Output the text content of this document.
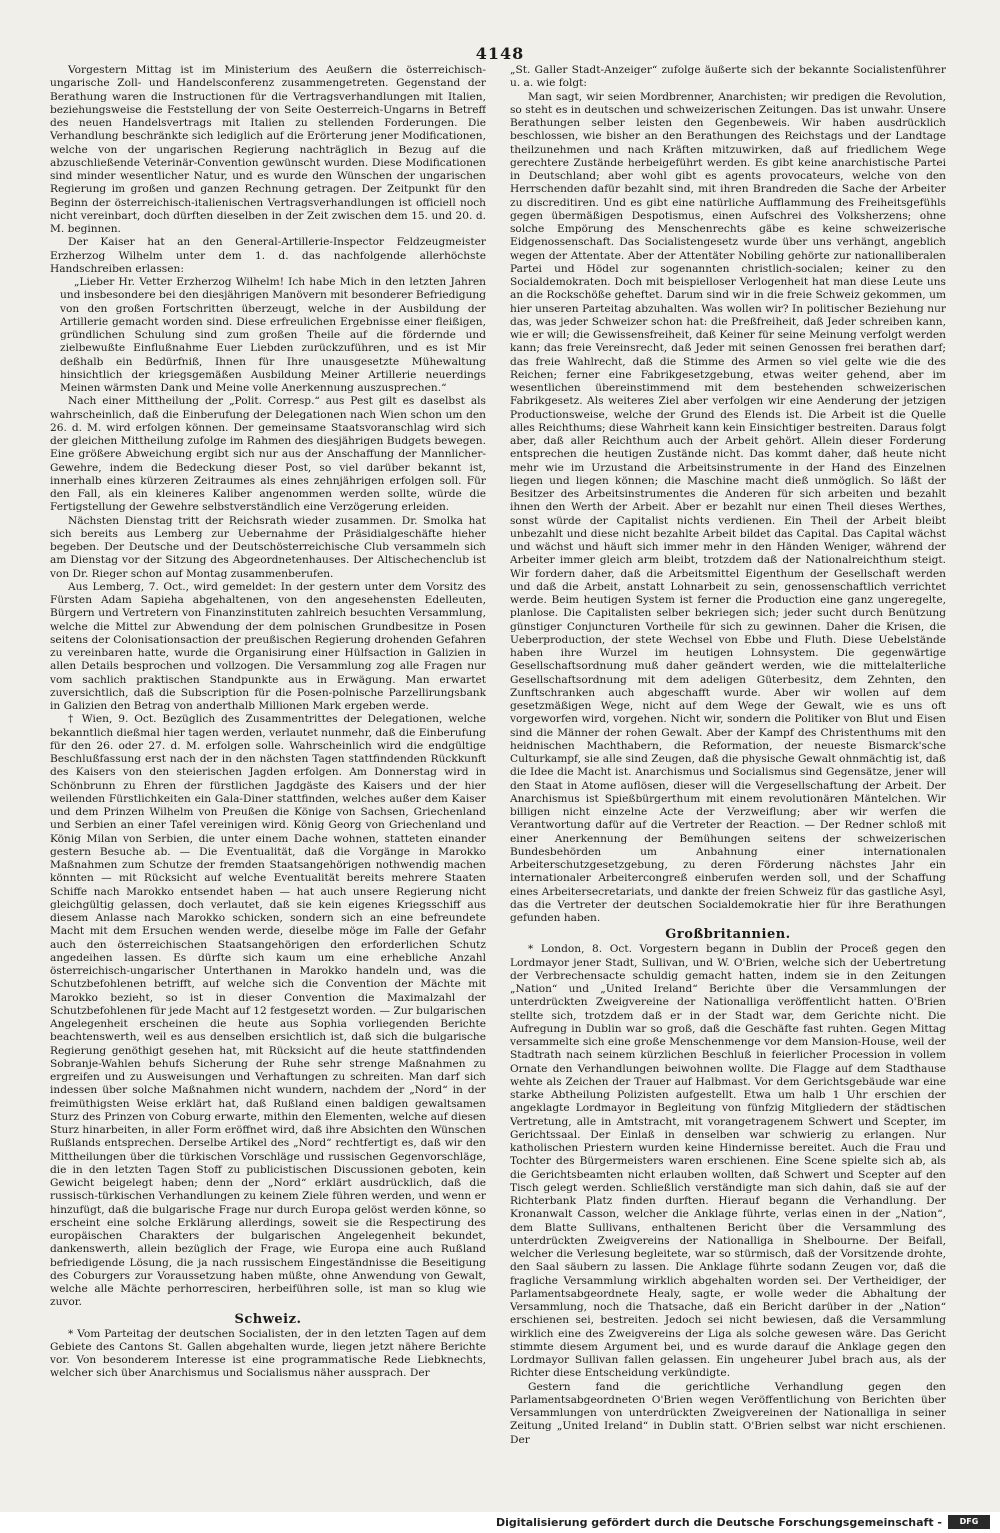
4148

Vorgestern Mittag ist im Ministerium des Aeußern die österreichisch-ungarische Zoll- und Handelsconferenz zusammengetreten. Gegenstand der Berathung waren die Instructionen für die Vertragsverhandlungen mit Italien, beziehungsweise die Feststellung der von Seite Oesterreich-Ungarns in Betreff des neuen Handelsvertrags mit Italien zu stellenden Forderungen. Die Verhandlung beschränkte sich lediglich auf die Erörterung jener Modificationen, welche von der ungarischen Regierung nachträglich in Bezug auf die abzuschließende Veterinär-Convention gewünscht wurden. Diese Modificationen sind minder wesentlicher Natur, und es wurde den Wünschen der ungarischen Regierung im großen und ganzen Rechnung getragen. Der Zeitpunkt für den Beginn der österreichisch-italienischen Vertragsverhandlungen ist officiell noch nicht vereinbart, doch dürften dieselben in der Zeit zwischen dem 15. und 20. d. M. beginnen.

Der Kaiser hat an den General-Artillerie-Inspector Feldzeugmeister Erzherzog Wilhelm unter dem 1. d. das nachfolgende allerhöchste Handschreiben erlassen:

„Lieber Hr. Vetter Erzherzog Wilhelm! Ich habe Mich in den letzten Jahren und insbesondere bei den diesjährigen Manövern mit besonderer Befriedigung von den großen Fortschritten überzeugt, welche in der Ausbildung der Artillerie gemacht worden sind. Diese erfreulichen Ergebnisse einer fleißigen, gründlichen Schulung sind zum großen Theile auf die fördernde und zielbewußte Einflußnahme Euer Liebden zurückzuführen, und es ist Mir deßhalb ein Bedürfniß, Ihnen für Ihre unausgesetzte Mühewaltung hinsichtlich der kriegsgemäßen Ausbildung Meiner Artillerie neuerdings Meinen wärmsten Dank und Meine volle Anerkennung auszusprechen.“

Nach einer Mittheilung der „Polit. Corresp.“ aus Pest gilt es daselbst als wahrscheinlich, daß die Einberufung der Delegationen nach Wien schon um den 26. d. M. wird erfolgen können. Der gemeinsame Staatsvoranschlag wird sich der gleichen Mittheilung zufolge im Rahmen des diesjährigen Budgets bewegen. Eine größere Abweichung ergibt sich nur aus der Anschaffung der Mannlicher-Gewehre, indem die Bedeckung dieser Post, so viel darüber bekannt ist, innerhalb eines kürzeren Zeitraumes als eines zehnjährigen erfolgen soll. Für den Fall, als ein kleineres Kaliber angenommen werden sollte, würde die Fertigstellung der Gewehre selbstverständlich eine Verzögerung erleiden.

Nächsten Dienstag tritt der Reichsrath wieder zusammen. Dr. Smolka hat sich bereits aus Lemberg zur Uebernahme der Präsidialgeschäfte hieher begeben. Der Deutsche und der Deutschösterreichische Club versammeln sich am Dienstag vor der Sitzung des Abgeordnetenhauses. Der Altischechenclub ist von Dr. Rieger schon auf Montag zusammenberufen.

Aus Lemberg, 7. Oct., wird gemeldet: In der gestern unter dem Vorsitz des Fürsten Adam Sapieha abgehaltenen, von den angesehensten Edelleuten, Bürgern und Vertretern von Finanzinstituten zahlreich besuchten Versammlung, welche die Mittel zur Abwendung der dem polnischen Grundbesitze in Posen seitens der Colonisationsaction der preußischen Regierung drohenden Gefahren zu vereinbaren hatte, wurde die Organisirung einer Hülfsaction in Galizien in allen Details besprochen und vollzogen. Die Versammlung zog alle Fragen nur vom sachlich praktischen Standpunkte aus in Erwägung. Man erwartet zuversichtlich, daß die Subscription für die Posen-polnische Parzellirungsbank in Galizien den Betrag von anderthalb Millionen Mark ergeben werde.

† Wien, 9. Oct. Bezüglich des Zusammentrittes der Delegationen, welche bekanntlich dießmal hier tagen werden, verlautet nunmehr, daß die Einberufung für den 26. oder 27. d. M. erfolgen solle. Wahrscheinlich wird die endgültige Beschlußfassung erst nach der in den nächsten Tagen stattfindenden Rückkunft des Kaisers von den steierischen Jagden erfolgen. Am Donnerstag wird in Schönbrunn zu Ehren der fürstlichen Jagdgäste des Kaisers und der hier weilenden Fürstlichkeiten ein Gala-Diner stattfinden, welches außer dem Kaiser und dem Prinzen Wilhelm von Preußen die Könige von Sachsen, Griechenland und Serbien an einer Tafel vereinigen wird. König Georg von Griechenland und König Milan von Serbien, die unter einem Dache wohnen, statteten einander gestern Besuche ab. — Die Eventualität, daß die Vorgänge in Marokko Maßnahmen zum Schutze der fremden Staatsangehörigen nothwendig machen könnten — mit Rücksicht auf welche Eventualität bereits mehrere Staaten Schiffe nach Marokko entsendet haben — hat auch unsere Regierung nicht gleichgültig gelassen, doch verlautet, daß sie kein eigenes Kriegsschiff aus diesem Anlasse nach Marokko schicken, sondern sich an eine befreundete Macht mit dem Ersuchen wenden werde, dieselbe möge im Falle der Gefahr auch den österreichischen Staatsangehörigen den erforderlichen Schutz angedeihen lassen. Es dürfte sich kaum um eine erhebliche Anzahl österreichisch-ungarischer Unterthanen in Marokko handeln und, was die Schutzbefohlenen betrifft, auf welche sich die Convention der Mächte mit Marokko bezieht, so ist in dieser Convention die Maximalzahl der Schutzbefohlenen für jede Macht auf 12 festgesetzt worden. — Zur bulgarischen Angelegenheit erscheinen die heute aus Sophia vorliegenden Berichte beachtenswerth, weil es aus denselben ersichtlich ist, daß sich die bulgarische Regierung genöthigt gesehen hat, mit Rücksicht auf die heute stattfindenden Sobranje-Wahlen behufs Sicherung der Ruhe sehr strenge Maßnahmen zu ergreifen und zu Ausweisungen und Verhaftungen zu schreiten. Man darf sich indessen über solche Maßnahmen nicht wundern, nachdem der „Nord“ in der freimüthigsten Weise erklärt hat, daß Rußland einen baldigen gewaltsamen Sturz des Prinzen von Coburg erwarte, mithin den Elementen, welche auf diesen Sturz hinarbeiten, in aller Form eröffnet wird, daß ihre Absichten den Wünschen Rußlands entsprechen. Derselbe Artikel des „Nord“ rechtfertigt es, daß wir den Mittheilungen über die türkischen Vorschläge und russischen Gegenvorschläge, die in den letzten Tagen Stoff zu publicistischen Discussionen geboten, kein Gewicht beigelegt haben; denn der „Nord“ erklärt ausdrücklich, daß die russisch-türkischen Verhandlungen zu keinem Ziele führen werden, und wenn er hinzufügt, daß die bulgarische Frage nur durch Europa gelöst werden könne, so erscheint eine solche Erklärung allerdings, soweit sie die Respectirung des europäischen Charakters der bulgarischen Angelegenheit bekundet, dankenswerth, allein bezüglich der Frage, wie Europa eine auch Rußland befriedigende Lösung, die ja nach russischem Eingeständnisse die Beseitigung des Coburgers zur Voraussetzung haben müßte, ohne Anwendung von Gewalt, welche alle Mächte perhorresciren, herbeiführen solle, ist man so klug wie zuvor.

Schweiz.

* Vom Parteitag der deutschen Socialisten, der in den letzten Tagen auf dem Gebiete des Cantons St. Gallen abgehalten wurde, liegen jetzt nähere Berichte vor. Von besonderem Interesse ist eine programmatische Rede Liebknechts, welcher sich über Anarchismus und Socialismus näher aussprach. Der

„St. Galler Stadt-Anzeiger“ zufolge äußerte sich der bekannte Socialistenführer u. a. wie folgt:

Man sagt, wir seien Mordbrenner, Anarchisten; wir predigen die Revolution, so steht es in deutschen und schweizerischen Zeitungen. Das ist unwahr. Unsere Berathungen selber leisten den Gegenbeweis. Wir haben ausdrücklich beschlossen, wie bisher an den Berathungen des Reichstags und der Landtage theilzunehmen und nach Kräften mitzuwirken, daß auf friedlichem Wege gerechtere Zustände herbeigeführt werden. Es gibt keine anarchistische Partei in Deutschland; aber wohl gibt es agents provocateurs, welche von den Herrschenden dafür bezahlt sind, mit ihren Brandreden die Sache der Arbeiter zu discreditiren. Und es gibt eine natürliche Aufflammung des Freiheitsgefühls gegen übermäßigen Despotismus, einen Aufschrei des Volksherzens; ohne solche Empörung des Menschenrechts gäbe es keine schweizerische Eidgenossenschaft. Das Socialistengesetz wurde über uns verhängt, angeblich wegen der Attentate. Aber der Attentäter Nobiling gehörte zur nationalliberalen Partei und Hödel zur sogenannten christlich-socialen; keiner zu den Socialdemokraten. Doch mit beispielloser Verlogenheit hat man diese Leute uns an die Rockschöße geheftet. Darum sind wir in die freie Schweiz gekommen, um hier unseren Parteitag abzuhalten. Was wollen wir? In politischer Beziehung nur das, was jeder Schweizer schon hat: die Preßfreiheit, daß Jeder schreiben kann, wie er will; die Gewissensfreiheit, daß Keiner für seine Meinung verfolgt werden kann; das freie Vereinsrecht, daß Jeder mit seinen Genossen frei berathen darf; das freie Wahlrecht, daß die Stimme des Armen so viel gelte wie die des Reichen; ferner eine Fabrikgesetzgebung, etwas weiter gehend, aber im wesentlichen übereinstimmend mit dem bestehenden schweizerischen Fabrikgesetz. Als weiteres Ziel aber verfolgen wir eine Aenderung der jetzigen Productionsweise, welche der Grund des Elends ist. Die Arbeit ist die Quelle alles Reichthums; diese Wahrheit kann kein Einsichtiger bestreiten. Daraus folgt aber, daß aller Reichthum auch der Arbeit gehört. Allein dieser Forderung entsprechen die heutigen Zustände nicht. Das kommt daher, daß heute nicht mehr wie im Urzustand die Arbeitsinstrumente in der Hand des Einzelnen liegen und liegen können; die Maschine macht dieß unmöglich. So läßt der Besitzer des Arbeitsinstrumentes die Anderen für sich arbeiten und bezahlt ihnen den Werth der Arbeit. Aber er bezahlt nur einen Theil dieses Werthes, sonst würde der Capitalist nichts verdienen. Ein Theil der Arbeit bleibt unbezahlt und diese nicht bezahlte Arbeit bildet das Capital. Das Capital wächst und wächst und häuft sich immer mehr in den Händen Weniger, während der Arbeiter immer gleich arm bleibt, trotzdem daß der Nationalreichthum steigt. Wir fordern daher, daß die Arbeitsmittel Eigenthum der Gesellschaft werden und daß die Arbeit, anstatt Lohnarbeit zu sein, genossenschaftlich verrichtet werde. Beim heutigen System ist ferner die Production eine ganz ungeregelte, planlose. Die Capitalisten selber bekriegen sich; jeder sucht durch Benützung günstiger Conjuncturen Vortheile für sich zu gewinnen. Daher die Krisen, die Ueberproduction, der stete Wechsel von Ebbe und Fluth. Diese Uebelstände haben ihre Wurzel im heutigen Lohnsystem. Die gegenwärtige Gesellschaftsordnung muß daher geändert werden, wie die mittelalterliche Gesellschaftsordnung mit dem adeligen Güterbesitz, dem Zehnten, den Zunftschranken auch abgeschafft wurde. Aber wir wollen auf dem gesetzmäßigen Wege, nicht auf dem Wege der Gewalt, wie es uns oft vorgeworfen wird, vorgehen. Nicht wir, sondern die Politiker von Blut und Eisen sind die Männer der rohen Gewalt. Aber der Kampf des Christenthums mit den heidnischen Machthabern, die Reformation, der neueste Bismarck'sche Culturkampf, sie alle sind Zeugen, daß die physische Gewalt ohnmächtig ist, daß die Idee die Macht ist. Anarchismus und Socialismus sind Gegensätze, jener will den Staat in Atome auflösen, dieser will die Vergesellschaftung der Arbeit. Der Anarchismus ist Spießbürgerthum mit einem revolutionären Mäntelchen. Wir billigen nicht einzelne Acte der Verzweiflung; aber wir werfen die Verantwortung dafür auf die Vertreter der Reaction. — Der Redner schloß mit einer Anerkennung der Bemühungen seitens der schweizerischen Bundesbehörden um Anbahnung einer internationalen Arbeiterschutzgesetzgebung, zu deren Förderung nächstes Jahr ein internationaler Arbeitercongreß einberufen werden soll, und der Schaffung eines Arbeitersecretariats, und dankte der freien Schweiz für das gastliche Asyl, das die Vertreter der deutschen Socialdemokratie hier für ihre Berathungen gefunden haben.

Großbritannien.

* London, 8. Oct. Vorgestern begann in Dublin der Proceß gegen den Lordmayor jener Stadt, Sullivan, und W. O'Brien, welche sich der Uebertretung der Verbrechensacte schuldig gemacht hatten, indem sie in den Zeitungen „Nation“ und „United Ireland“ Berichte über die Versammlungen der unterdrückten Zweigvereine der Nationalliga veröffentlicht hatten. O'Brien stellte sich, trotzdem daß er in der Stadt war, dem Gerichte nicht. Die Aufregung in Dublin war so groß, daß die Geschäfte fast ruhten. Gegen Mittag versammelte sich eine große Menschenmenge vor dem Mansion-House, weil der Stadtrath nach seinem kürzlichen Beschluß in feierlicher Procession in vollem Ornate den Verhandlungen beiwohnen wollte. Die Flagge auf dem Stadthause wehte als Zeichen der Trauer auf Halbmast. Vor dem Gerichtsgebäude war eine starke Abtheilung Polizisten aufgestellt. Etwa um halb 1 Uhr erschien der angeklagte Lordmayor in Begleitung von fünfzig Mitgliedern der städtischen Vertretung, alle in Amtstracht, mit vorangetragenem Schwert und Scepter, im Gerichtssaal. Der Einlaß in denselben war schwierig zu erlangen. Nur katholischen Priestern wurden keine Hindernisse bereitet. Auch die Frau und Tochter des Bürgermeisters waren erschienen. Eine Scene spielte sich ab, als die Gerichtsbeamten nicht erlauben wollten, daß Schwert und Scepter auf den Tisch gelegt werden. Schließlich verständigte man sich dahin, daß sie auf der Richterbank Platz finden durften. Hierauf begann die Verhandlung. Der Kronanwalt Casson, welcher die Anklage führte, verlas einen in der „Nation“, dem Blatte Sullivans, enthaltenen Bericht über die Versammlung des unterdrückten Zweigvereins der Nationalliga in Shelbourne. Der Beifall, welcher die Verlesung begleitete, war so stürmisch, daß der Vorsitzende drohte, den Saal säubern zu lassen. Die Anklage führte sodann Zeugen vor, daß die fragliche Versammlung wirklich abgehalten worden sei. Der Vertheidiger, der Parlamentsabgeordnete Healy, sagte, er wolle weder die Abhaltung der Versammlung, noch die Thatsache, daß ein Bericht darüber in der „Nation“ erschienen sei, bestreiten. Jedoch sei nicht bewiesen, daß die Versammlung wirklich eine des Zweigvereins der Liga als solche gewesen wäre. Das Gericht stimmte diesem Argument bei, und es wurde darauf die Anklage gegen den Lordmayor Sullivan fallen gelassen. Ein ungeheurer Jubel brach aus, als der Richter diese Entscheidung verkündigte.

Gestern fand die gerichtliche Verhandlung gegen den Parlamentsabgeordneten O'Brien wegen Veröffentlichung von Berichten über Versammlungen von unterdrückten Zweigvereinen der Nationalliga in seiner Zeitung „United Ireland“ in Dublin statt. O'Brien selbst war nicht erschienen. Der

Digitalisierung gefördert durch die Deutsche Forschungsgemeinschaft -	DFG
